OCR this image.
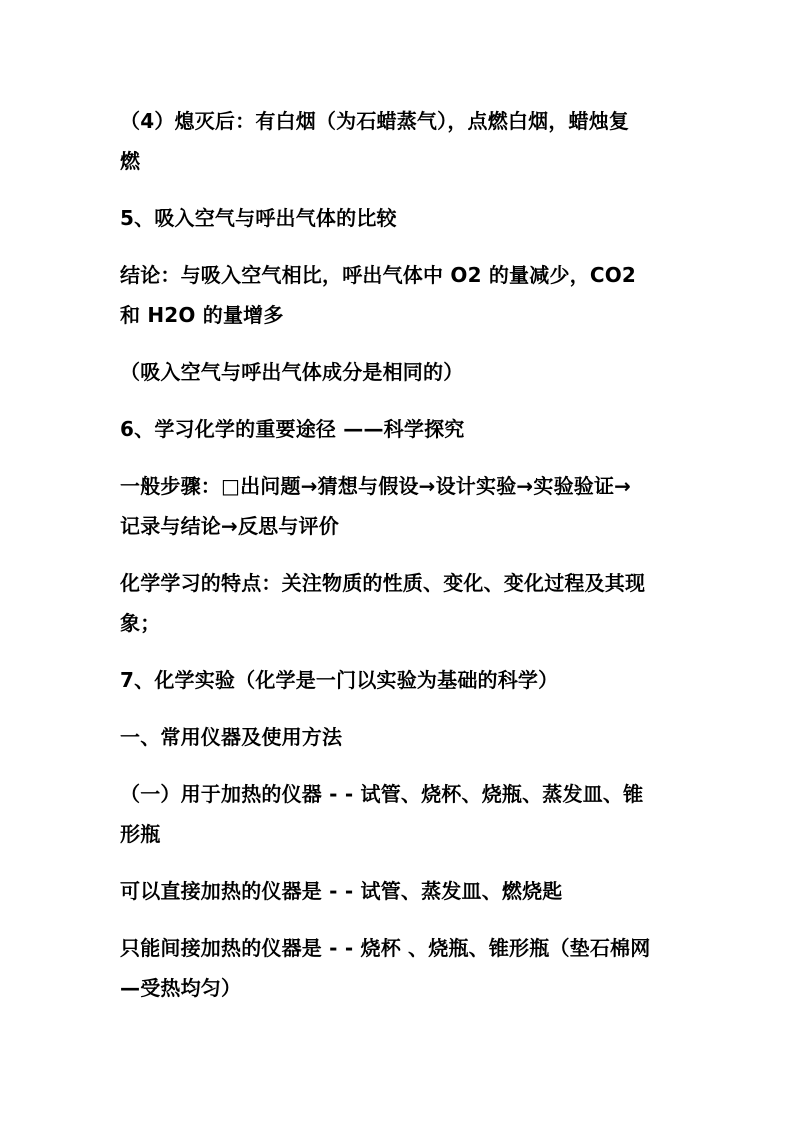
（4）熄灭后：有白烟（为石蜡蒸气），点燃白烟，蜡烛复

燃

5、吸入空气与呼出气体的比较

结论：与吸入空气相比，呼出气体中 O2 的量减少，CO2

和 H2O 的量增多

（吸入空气与呼出气体成分是相同的）

6、学习化学的重要途径 ——科学探究

一般步骤：□出问题→猜想与假设→设计实验→实验验证→

记录与结论→反思与评价

化学学习的特点：关注物质的性质、变化、变化过程及其现

象；

7、化学实验（化学是一门以实验为基础的科学）

一、常用仪器及使用方法

（一）用于加热的仪器 - - 试管、烧杯、烧瓶、蒸发皿、锥

形瓶

可以直接加热的仪器是 - - 试管、蒸发皿、燃烧匙

只能间接加热的仪器是 - - 烧杯 、烧瓶、锥形瓶（垫石棉网

—受热均匀）
